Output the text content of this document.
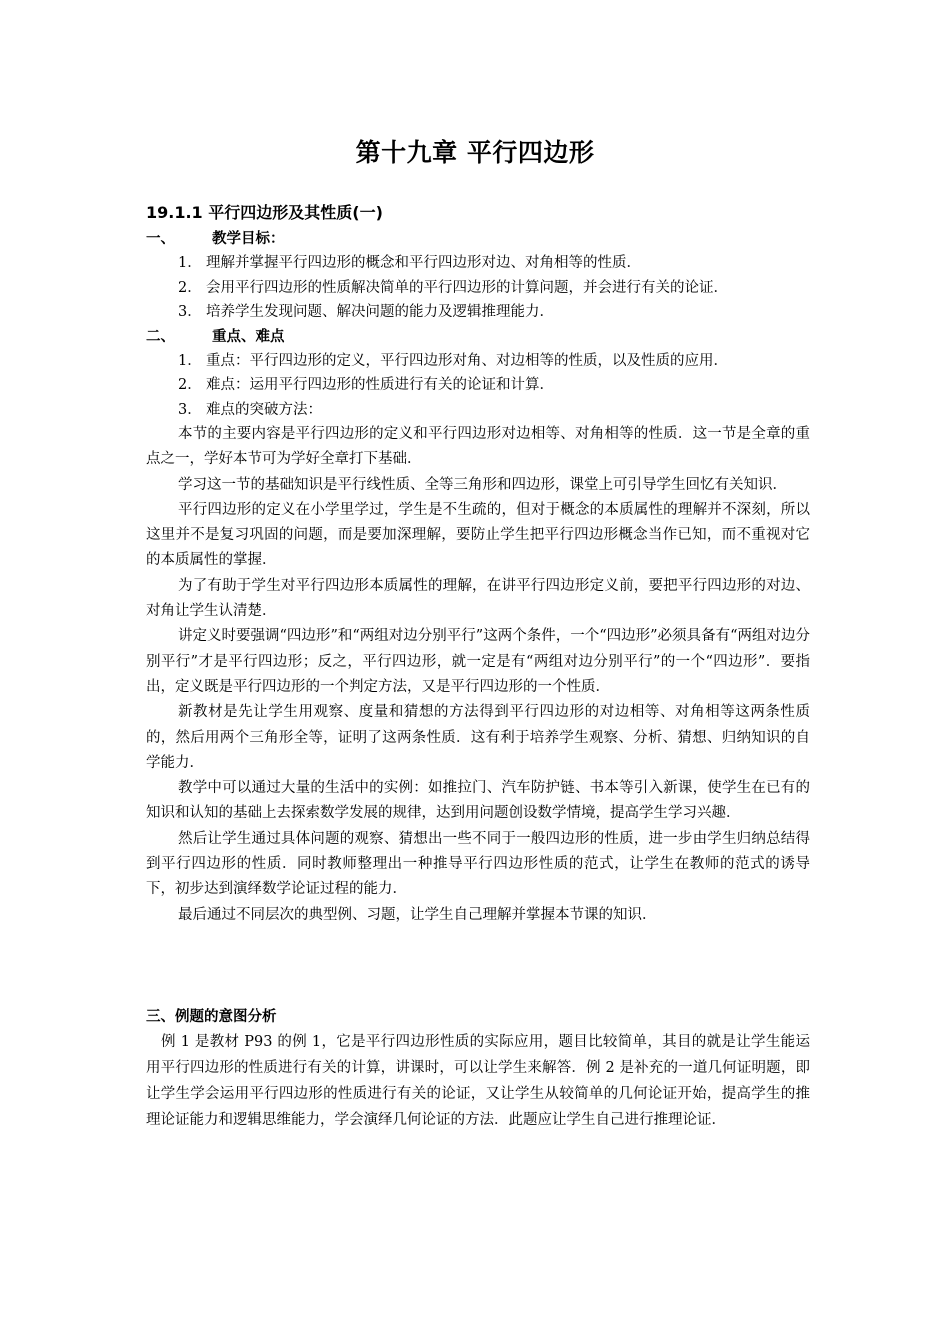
第十九章 平行四边形
19.1.1 平行四边形及其性质(一)
一、	教学目标：
1． 理解并掌握平行四边形的概念和平行四边形对边、对角相等的性质．
2． 会用平行四边形的性质解决简单的平行四边形的计算问题，并会进行有关的论证．
3． 培养学生发现问题、解决问题的能力及逻辑推理能力．
二、	重点、难点
1． 重点：平行四边形的定义，平行四边形对角、对边相等的性质，以及性质的应用．
2． 难点：运用平行四边形的性质进行有关的论证和计算．
3． 难点的突破方法：

本节的主要内容是平行四边形的定义和平行四边形对边相等、对角相等的性质．这一节是全章的重点之一，学好本节可为学好全章打下基础．

学习这一节的基础知识是平行线性质、全等三角形和四边形，课堂上可引导学生回忆有关知识．

平行四边形的定义在小学里学过，学生是不生疏的，但对于概念的本质属性的理解并不深刻，所以这里并不是复习巩固的问题，而是要加深理解，要防止学生把平行四边形概念当作已知，而不重视对它的本质属性的掌握．

为了有助于学生对平行四边形本质属性的理解，在讲平行四边形定义前，要把平行四边形的对边、对角让学生认清楚．

讲定义时要强调“四边形”和“两组对边分别平行”这两个条件，一个“四边形”必须具备有“两组对边分别平行”才是平行四边形；反之，平行四边形，就一定是有“两组对边分别平行”的一个“四边形”．要指出，定义既是平行四边形的一个判定方法，又是平行四边形的一个性质．

新教材是先让学生用观察、度量和猜想的方法得到平行四边形的对边相等、对角相等这两条性质的，然后用两个三角形全等，证明了这两条性质．这有利于培养学生观察、分析、猜想、归纳知识的自学能力．

教学中可以通过大量的生活中的实例：如推拉门、汽车防护链、书本等引入新课，使学生在已有的知识和认知的基础上去探索数学发展的规律，达到用问题创设数学情境，提高学生学习兴趣．

然后让学生通过具体问题的观察、猜想出一些不同于一般四边形的性质，进一步由学生归纳总结得到平行四边形的性质．同时教师整理出一种推导平行四边形性质的范式，让学生在教师的范式的诱导下，初步达到演绎数学论证过程的能力．

最后通过不同层次的典型例、习题，让学生自己理解并掌握本节课的知识．

三、例题的意图分析

例 1 是教材 P93 的例 1，它是平行四边形性质的实际应用，题目比较简单，其目的就是让学生能运用平行四边形的性质进行有关的计算，讲课时，可以让学生来解答．例 2 是补充的一道几何证明题，即让学生学会运用平行四边形的性质进行有关的论证，又让学生从较简单的几何论证开始，提高学生的推理论证能力和逻辑思维能力，学会演绎几何论证的方法．此题应让学生自己进行推理论证．
